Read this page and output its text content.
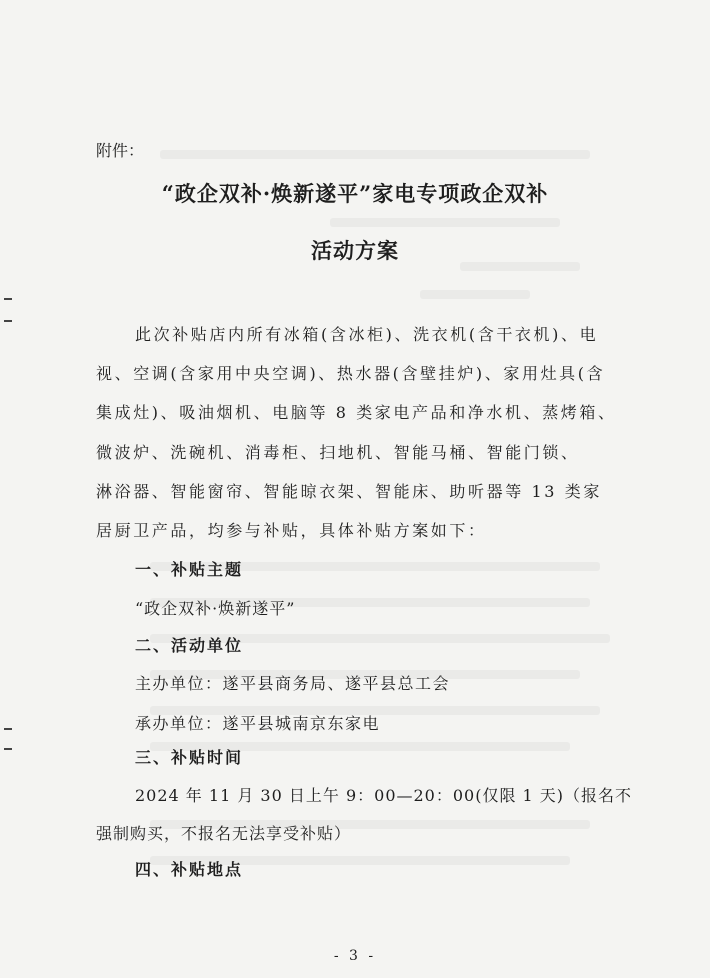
附件：
“政企双补·焕新遂平”家电专项政企双补
活动方案
此次补贴店内所有冰箱(含冰柜)、洗衣机(含干衣机)、电
视、空调(含家用中央空调)、热水器(含壁挂炉)、家用灶具(含
集成灶)、吸油烟机、电脑等 8 类家电产品和净水机、蒸烤箱、
微波炉、洗碗机、消毒柜、扫地机、智能马桶、智能门锁、
淋浴器、智能窗帘、智能晾衣架、智能床、助听器等 13 类家
居厨卫产品，均参与补贴，具体补贴方案如下：
一、补贴主题
“政企双补·焕新遂平”
二、活动单位
主办单位：遂平县商务局、遂平县总工会
承办单位：遂平县城南京东家电
三、补贴时间
2024 年 11 月 30 日上午 9：00—20：00(仅限 1 天)（报名不
强制购买，不报名无法享受补贴）
四、补贴地点
- 3 -
